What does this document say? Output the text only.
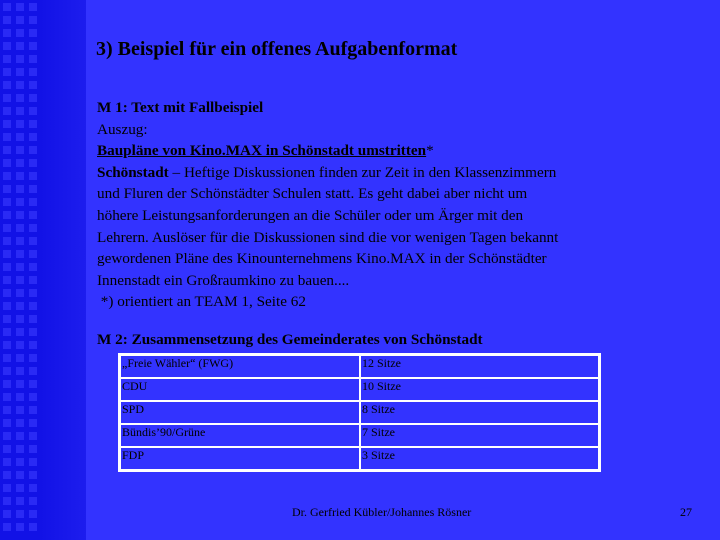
3) Beispiel für ein offenes Aufgabenformat
M 1: Text mit Fallbeispiel
Auszug:
Baupläne von Kino.MAX in Schönstadt umstritten*
Schönstadt – Heftige Diskussionen finden zur Zeit in den Klassenzimmern
und Fluren der Schönstädter Schulen statt. Es geht dabei aber nicht um
höhere Leistungsanforderungen an die Schüler oder um Ärger mit den
Lehrern. Auslöser für die Diskussionen sind die vor wenigen Tagen bekannt
gewordenen Pläne des Kinounternehmens Kino.MAX in der Schönstädter
Innenstadt ein Großraumkino zu bauen....
*) orientiert an TEAM 1, Seite 62
M 2: Zusammensetzung des Gemeinderates von Schönstadt
„Freie Wähler“ (FWG)	12 Sitze
CDU	10 Sitze
SPD	8 Sitze
Bündis’90/Grüne	7 Sitze
FDP	3 Sitze
Dr. Gerfried Kübler/Johannes Rösner	27
